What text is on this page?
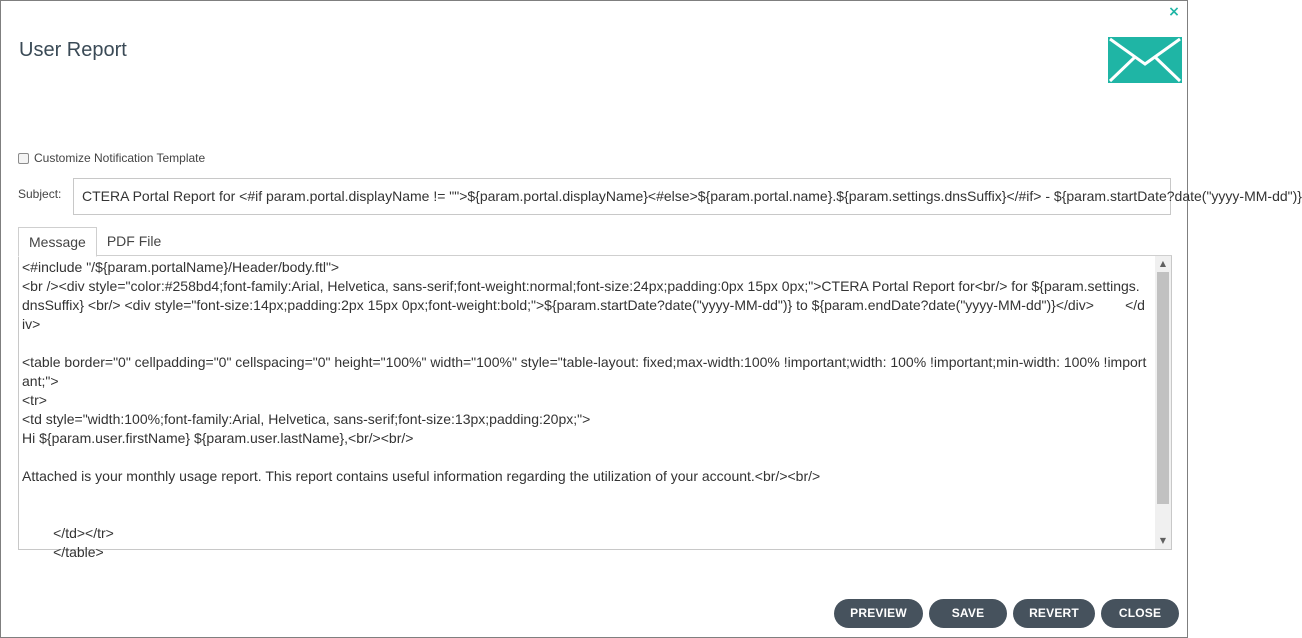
×
User Report
Customize Notification Template
Subject:	CTERA Portal Report for <#if param.portal.displayName != "">${param.portal.displayName}<#else>${param.portal.name}.${param.settings.dnsSuffix}</#if> - ${param.startDate?date("yyyy-MM-dd")}
Message	PDF File
<#include "/${param.portalName}/Header/body.ftl">
<br /><div style="color:#258bd4;font-family:Arial, Helvetica, sans-serif;font-weight:normal;font-size:24px;padding:0px 15px 0px;">CTERA Portal Report for<br/> for ${param.settings.dnsSuffix} <br/> <div style="font-size:14px;padding:2px 15px 0px;font-weight:bold;">${param.startDate?date("yyyy-MM-dd")} to ${param.endDate?date("yyyy-MM-dd")}</div>        </div>

<table border="0" cellpadding="0" cellspacing="0" height="100%" width="100%" style="table-layout: fixed;max-width:100% !important;width: 100% !important;min-width: 100% !important;">
<tr>
<td style="width:100%;font-family:Arial, Helvetica, sans-serif;font-size:13px;padding:20px;">
Hi ${param.user.firstName} ${param.user.lastName},<br/><br/>

Attached is your monthly usage report. This report contains useful information regarding the utilization of your account.<br/><br/>

</td></tr>
</table>
▲
▼
PREVIEW	SAVE	REVERT	CLOSE
